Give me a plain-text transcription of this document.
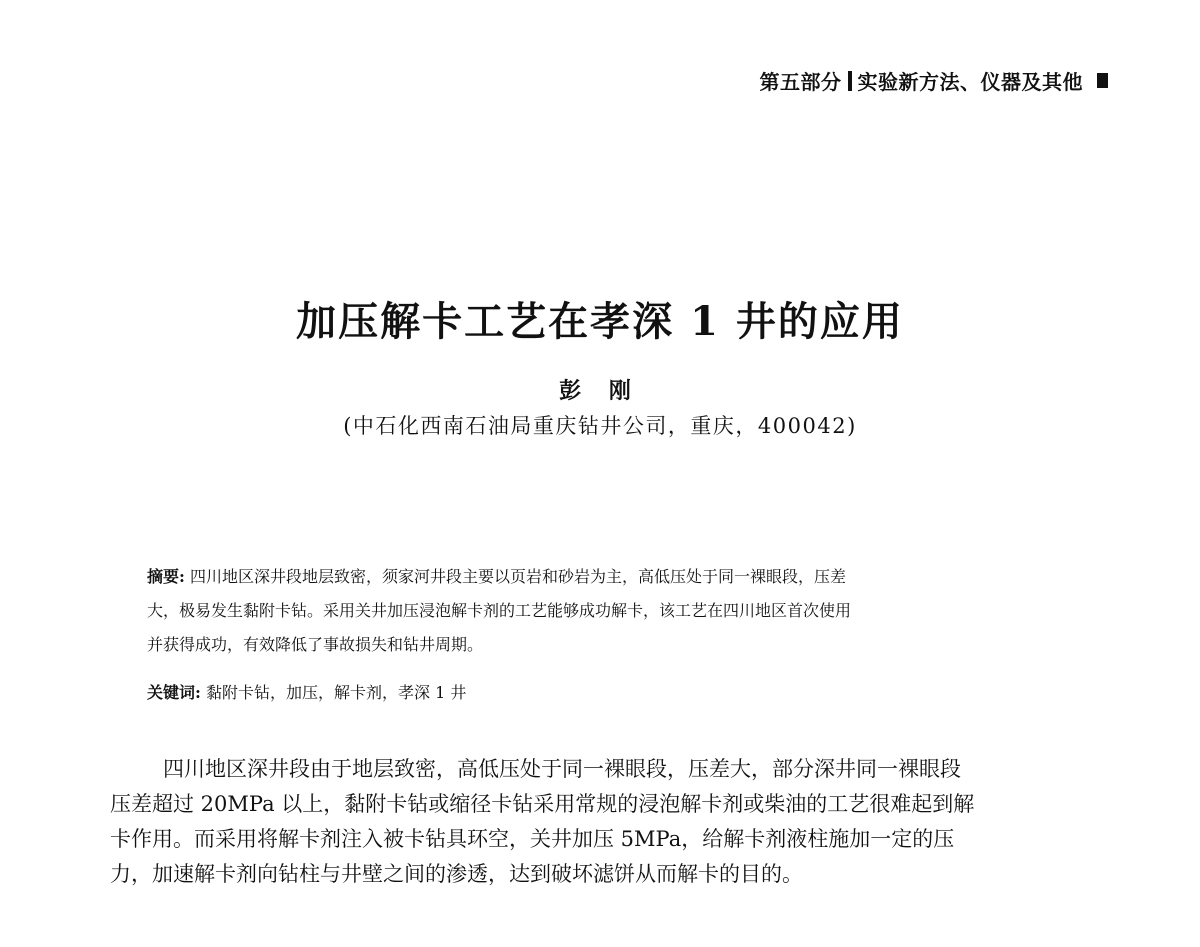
第五部分 实验新方法、仪器及其他
加压解卡工艺在孝深 1 井的应用
彭 刚
(中石化西南石油局重庆钻井公司，重庆，400042)
摘要: 四川地区深井段地层致密，须家河井段主要以页岩和砂岩为主，高低压处于同一裸眼段，压差
大，极易发生黏附卡钻。采用关井加压浸泡解卡剂的工艺能够成功解卡，该工艺在四川地区首次使用
并获得成功，有效降低了事故损失和钻井周期。
关键词: 黏附卡钻，加压，解卡剂，孝深 1 井
四川地区深井段由于地层致密，高低压处于同一裸眼段，压差大，部分深井同一裸眼段
压差超过 20MPa 以上，黏附卡钻或缩径卡钻采用常规的浸泡解卡剂或柴油的工艺很难起到解
卡作用。而采用将解卡剂注入被卡钻具环空，关井加压 5MPa，给解卡剂液柱施加一定的压
力，加速解卡剂向钻柱与井壁之间的渗透，达到破坏滤饼从而解卡的目的。
